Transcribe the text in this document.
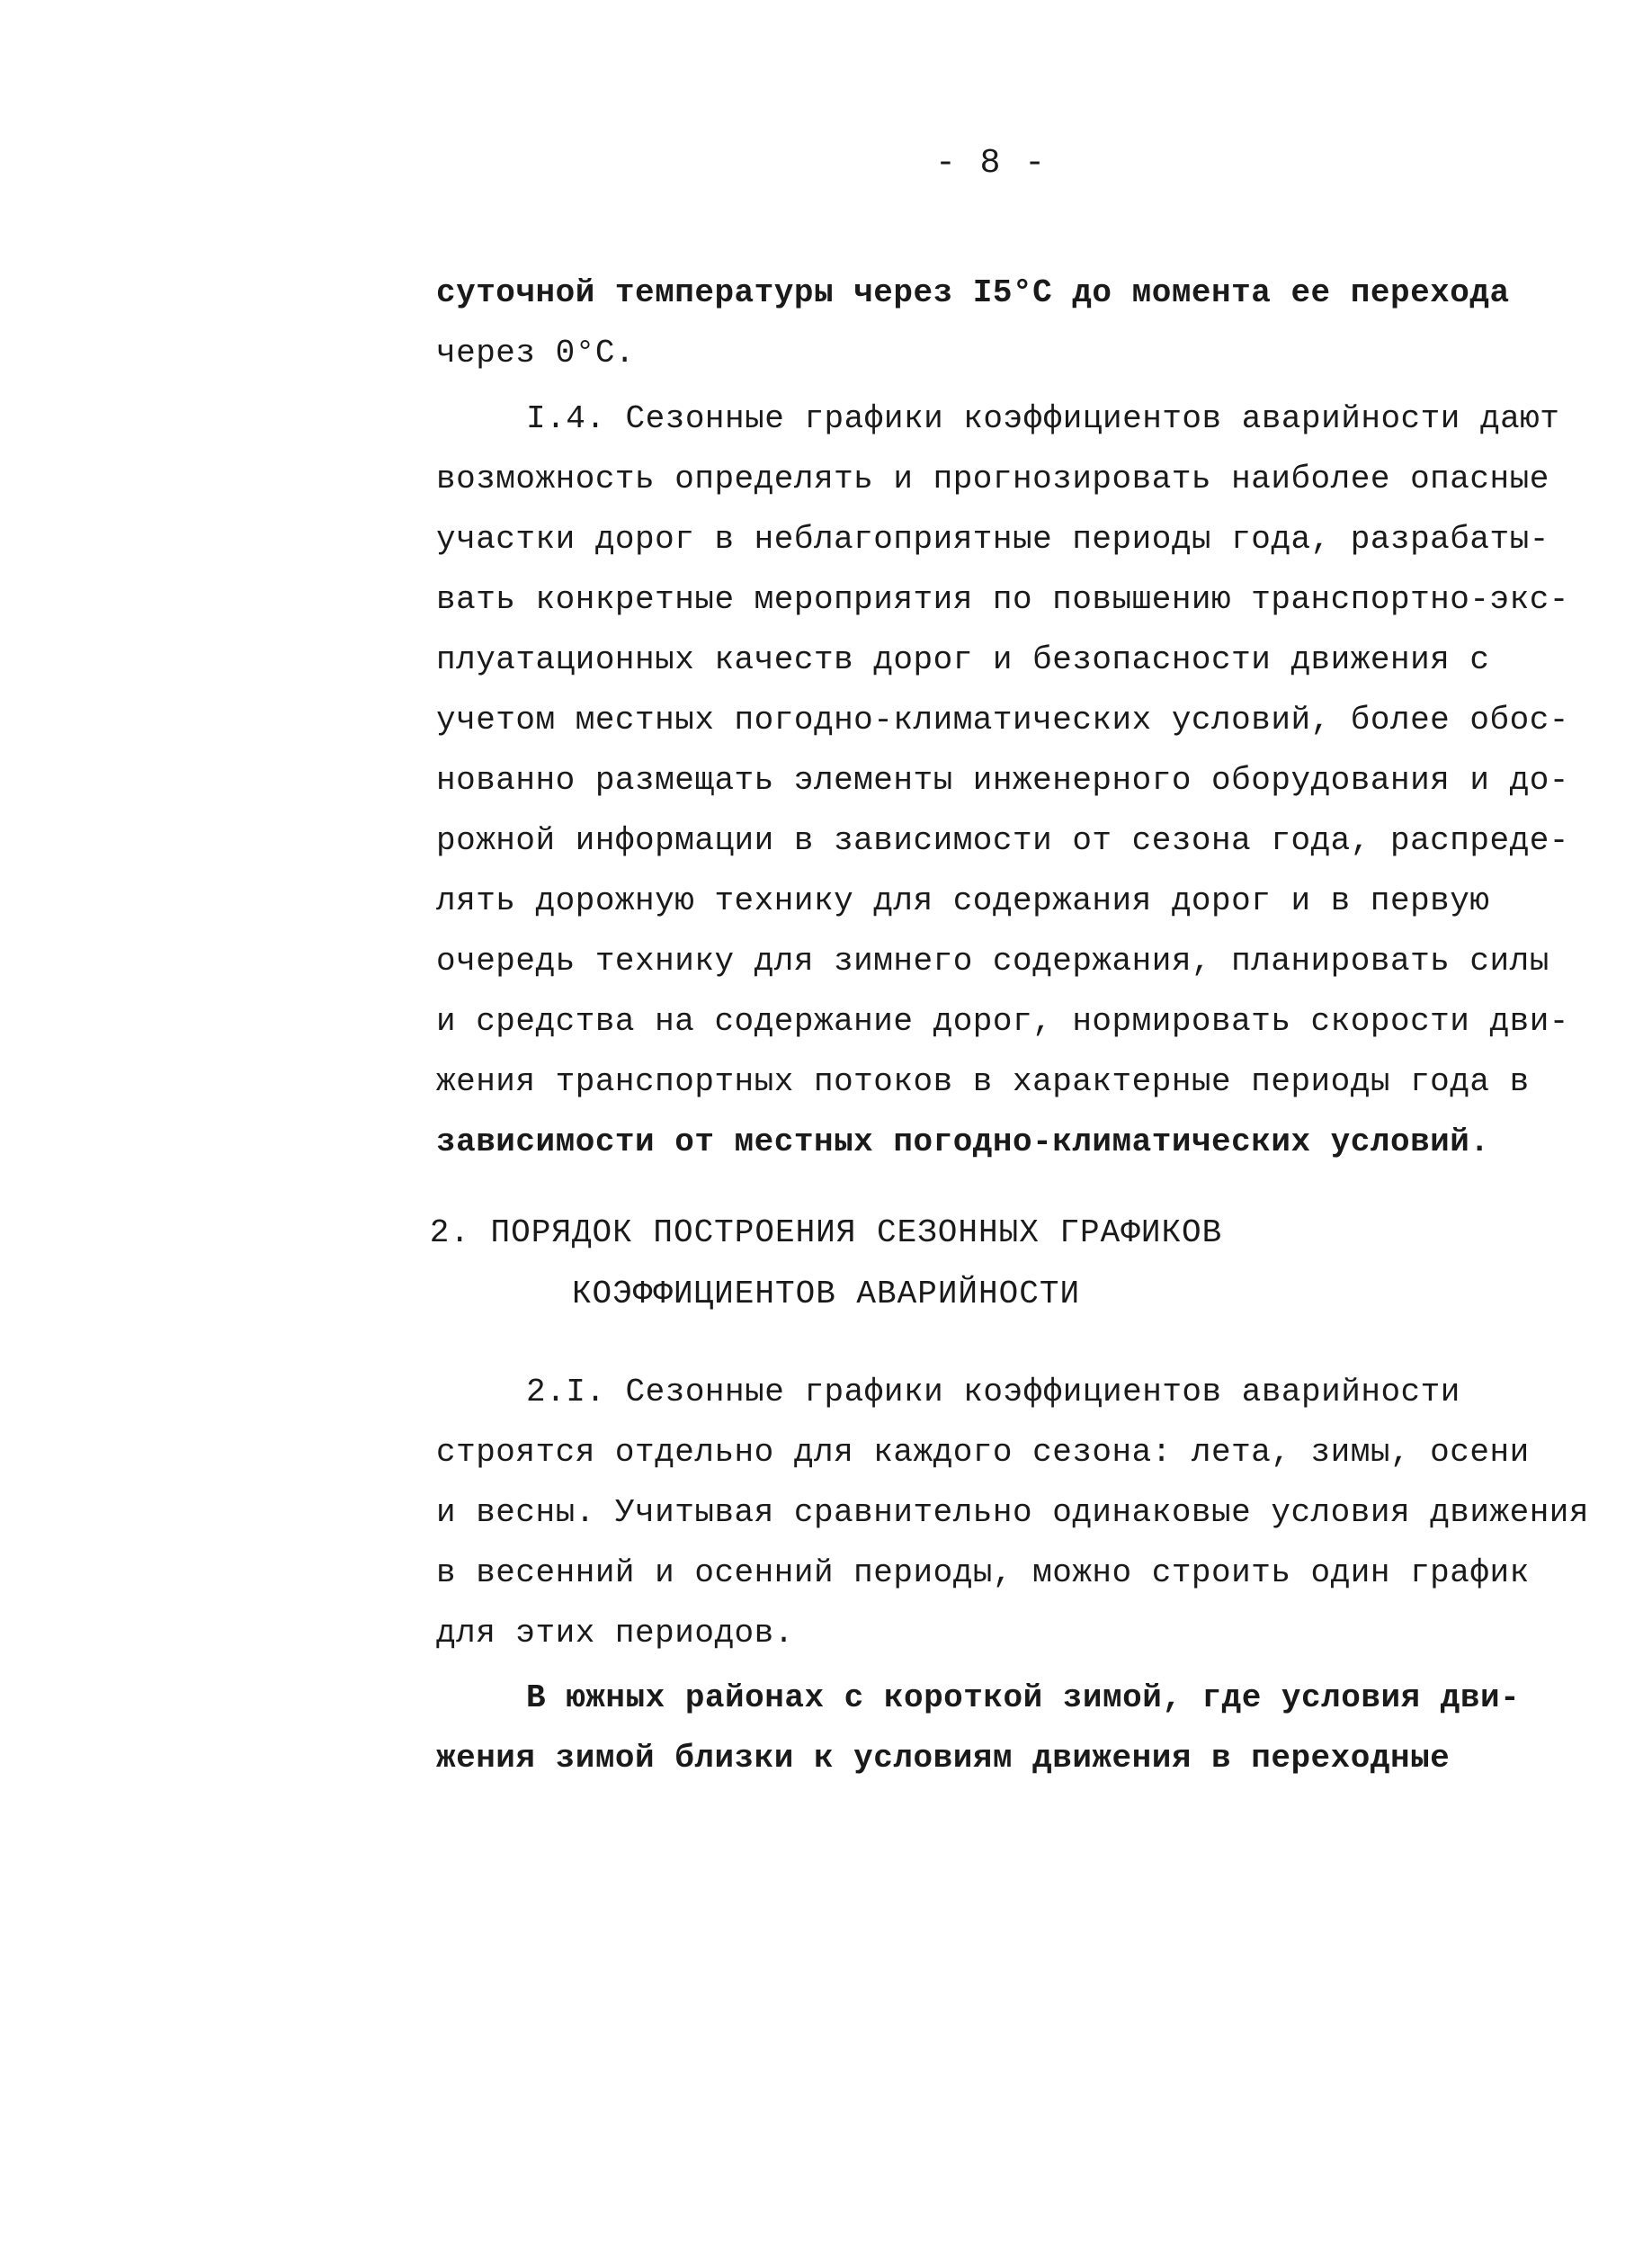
- 8 -
суточной температуры через I5°C до момента ее перехода
через 0°C.
I.4. Сезонные графики коэффициентов аварийности дают
возможность определять и прогнозировать наиболее опасные
участки дорог в неблагоприятные периоды года, разрабаты-
вать конкретные мероприятия по повышению транспортно-экс-
плуатационных качеств дорог и безопасности движения с
учетом местных погодно-климатических условий, более обос-
нованно размещать элементы инженерного оборудования и до-
рожной информации в зависимости от сезона года, распреде-
лять дорожную технику для содержания дорог и в первую
очередь технику для зимнего содержания, планировать силы
и средства на содержание дорог, нормировать скорости дви-
жения транспортных потоков в характерные периоды года в
зависимости от местных погодно-климатических условий.
2. ПОРЯДОК ПОСТРОЕНИЯ СЕЗОННЫХ ГРАФИКОВ
КОЭФФИЦИЕНТОВ АВАРИЙНОСТИ
2.I. Сезонные графики коэффициентов аварийности
строятся отдельно для каждого сезона: лета, зимы, осени
и весны. Учитывая сравнительно одинаковые условия движения
в весенний и осенний периоды, можно строить один график
для этих периодов.
В южных районах с короткой зимой, где условия дви-
жения зимой близки к условиям движения в переходные
